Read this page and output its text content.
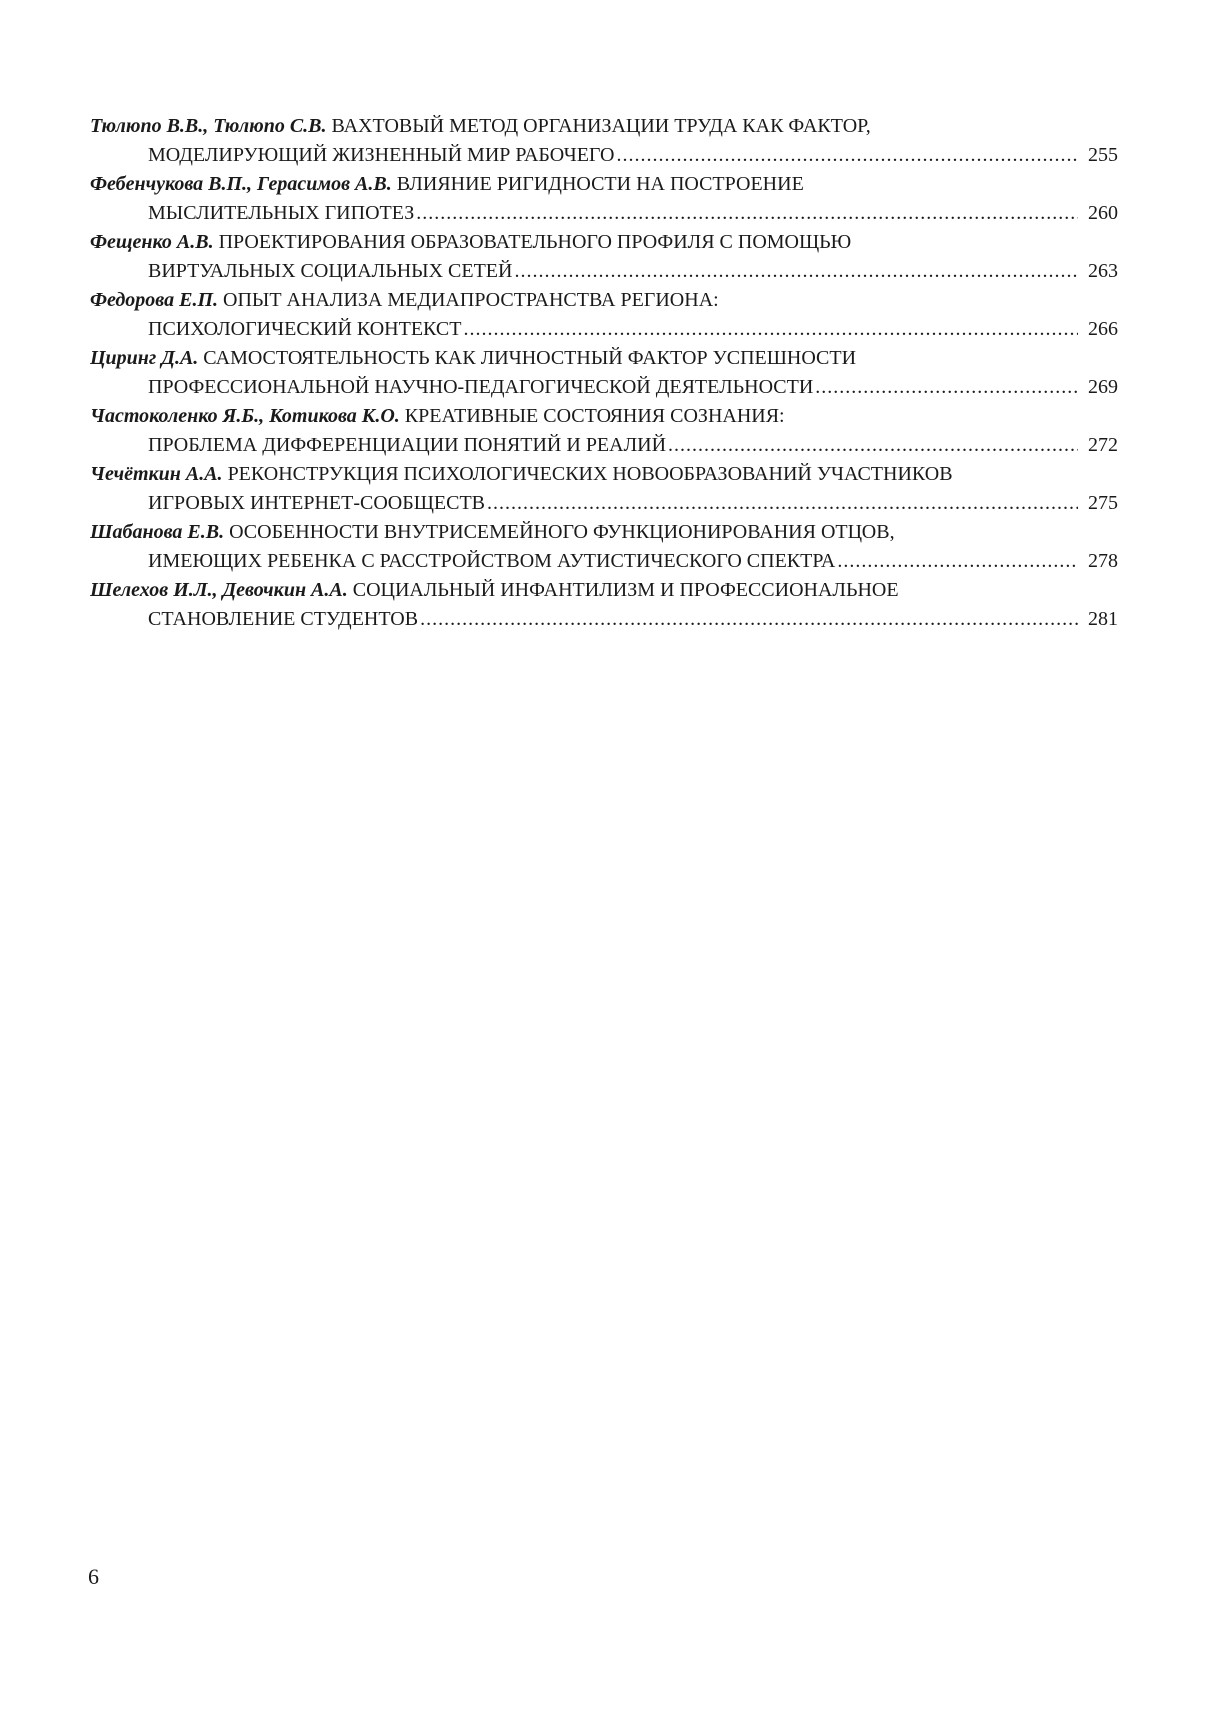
Тюлюпо В.В., Тюлюпо С.В. ВАХТОВЫЙ МЕТОД ОРГАНИЗАЦИИ ТРУДА КАК ФАКТОР,
МОДЕЛИРУЮЩИЙ ЖИЗНЕННЫЙ МИР РАБОЧЕГО .....	255
Фебенчукова В.П., Герасимов А.В. ВЛИЯНИЕ РИГИДНОСТИ НА ПОСТРОЕНИЕ
МЫСЛИТЕЛЬНЫХ ГИПОТЕЗ .....	260
Фещенко А.В. ПРОЕКТИРОВАНИЯ ОБРАЗОВАТЕЛЬНОГО ПРОФИЛЯ С ПОМОЩЬЮ
ВИРТУАЛЬНЫХ СОЦИАЛЬНЫХ СЕТЕЙ .....	263
Федорова Е.П. ОПЫТ АНАЛИЗА МЕДИАПРОСТРАНСТВА РЕГИОНА:
ПСИХОЛОГИЧЕСКИЙ КОНТЕКСТ .....	266
Циринг Д.А. САМОСТОЯТЕЛЬНОСТЬ КАК ЛИЧНОСТНЫЙ ФАКТОР УСПЕШНОСТИ
ПРОФЕССИОНАЛЬНОЙ НАУЧНО-ПЕДАГОГИЧЕСКОЙ ДЕЯТЕЛЬНОСТИ .....	269
Частоколенко Я.Б., Котикова К.О. КРЕАТИВНЫЕ СОСТОЯНИЯ СОЗНАНИЯ:
ПРОБЛЕМА ДИФФЕРЕНЦИАЦИИ ПОНЯТИЙ И РЕАЛИЙ .....	272
Чечёткин А.А. РЕКОНСТРУКЦИЯ ПСИХОЛОГИЧЕСКИХ НОВООБРАЗОВАНИЙ УЧАСТНИКОВ
ИГРОВЫХ ИНТЕРНЕТ-СООБЩЕСТВ .....	275
Шабанова Е.В. ОСОБЕННОСТИ ВНУТРИСЕМЕЙНОГО ФУНКЦИОНИРОВАНИЯ ОТЦОВ,
ИМЕЮЩИХ РЕБЕНКА С РАССТРОЙСТВОМ АУТИСТИЧЕСКОГО СПЕКТРА .....	278
Шелехов И.Л., Девочкин А.А. СОЦИАЛЬНЫЙ ИНФАНТИЛИЗМ И ПРОФЕССИОНАЛЬНОЕ
СТАНОВЛЕНИЕ СТУДЕНТОВ .....	281
6
